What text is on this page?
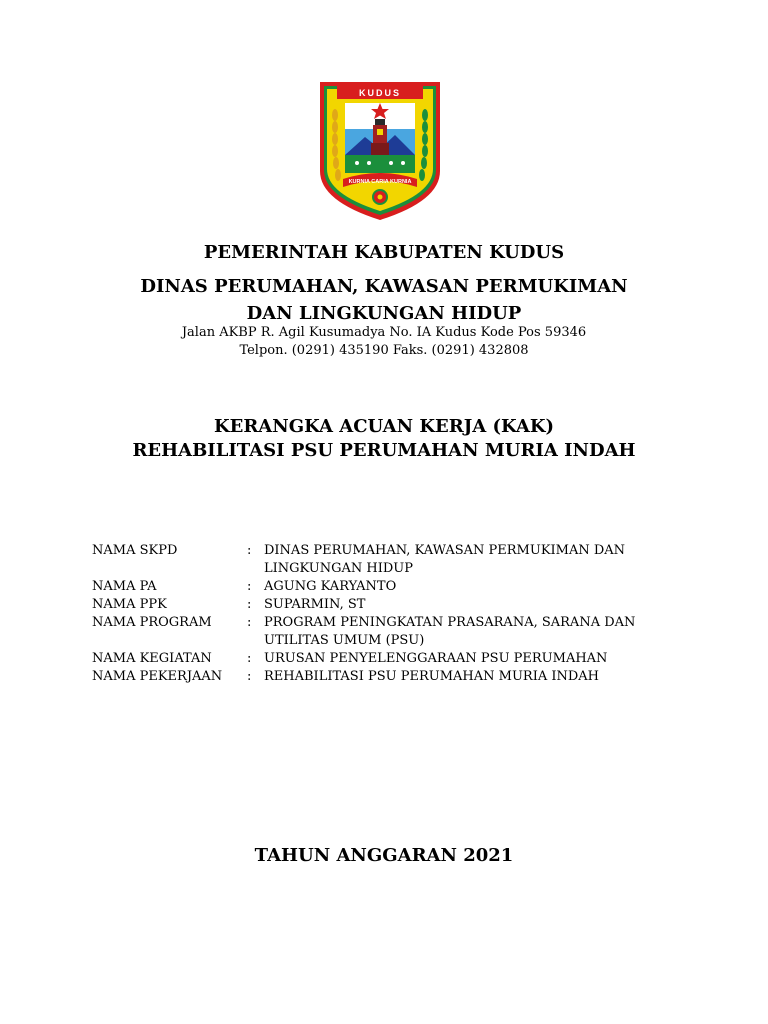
KUDUS
KURNIA CARIA KURNIA
PEMERINTAH KABUPATEN KUDUS
DINAS PERUMAHAN, KAWASAN PERMUKIMAN
DAN LINGKUNGAN HIDUP
Jalan AKBP R. Agil Kusumadya No. IA Kudus Kode Pos 59346
Telpon. (0291) 435190 Faks. (0291) 432808
KERANGKA ACUAN KERJA (KAK)
REHABILITASI PSU PERUMAHAN MURIA INDAH
NAMA SKPD	: DINAS PERUMAHAN, KAWASAN PERMUKIMAN DAN LINGKUNGAN HIDUP
NAMA PA	: AGUNG KARYANTO
NAMA PPK	: SUPARMIN, ST
NAMA PROGRAM	: PROGRAM PENINGKATAN PRASARANA, SARANA DAN UTILITAS UMUM (PSU)
NAMA KEGIATAN	: URUSAN PENYELENGGARAAN PSU PERUMAHAN
NAMA PEKERJAAN	: REHABILITASI PSU PERUMAHAN MURIA INDAH
TAHUN ANGGARAN 2021
